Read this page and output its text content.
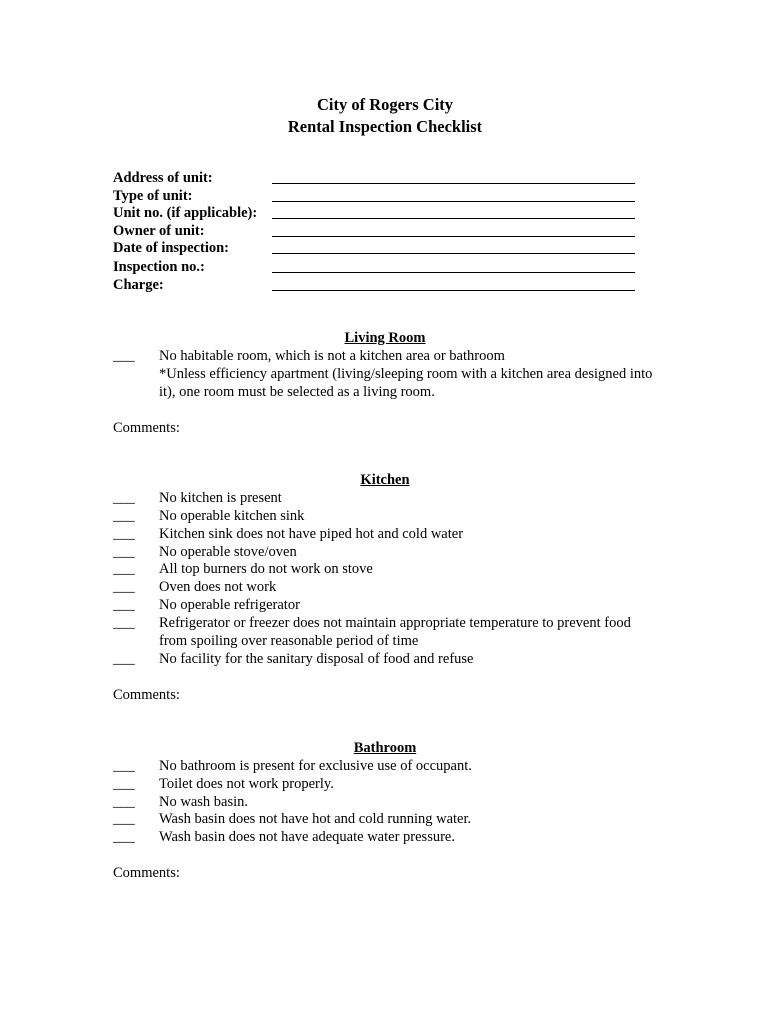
City of Rogers City
Rental Inspection Checklist
Address of unit:
Type of unit:
Unit no. (if applicable):
Owner of unit:
Date of inspection:
Inspection no.:
Charge:
Living Room
___	No habitable room, which is not a kitchen area or bathroom
*Unless efficiency apartment (living/sleeping room with a kitchen area designed into it), one room must be selected as a living room.
Comments:
Kitchen
___	No kitchen is present
___	No operable kitchen sink
___	Kitchen sink does not have piped hot and cold water
___	No operable stove/oven
___	All top burners do not work on stove
___	Oven does not work
___	No operable refrigerator
___	Refrigerator or freezer does not maintain appropriate temperature to prevent food from spoiling over reasonable period of time
___	No facility for the sanitary disposal of food and refuse
Comments:
Bathroom
___	No bathroom is present for exclusive use of occupant.
___	Toilet does not work properly.
___	No wash basin.
___	Wash basin does not have hot and cold running water.
___	Wash basin does not have adequate water pressure.
Comments:
